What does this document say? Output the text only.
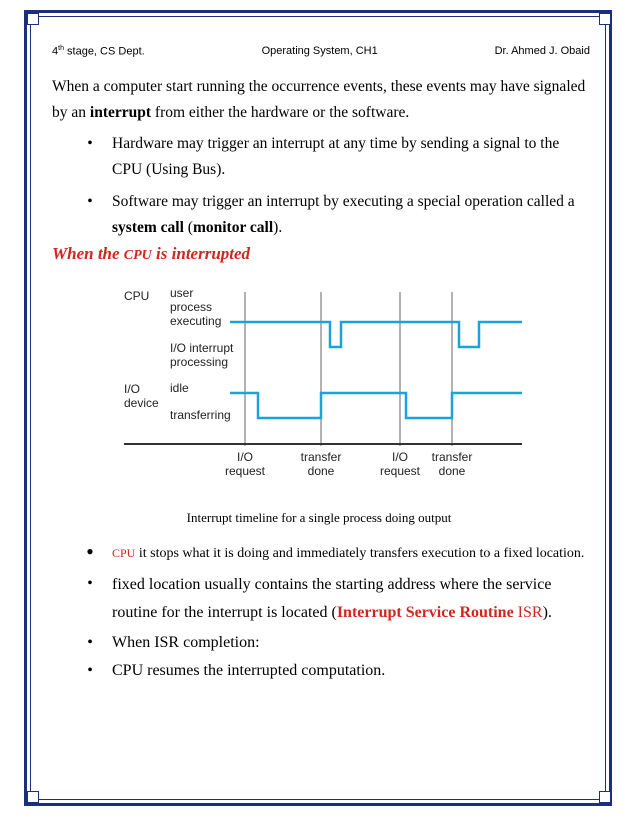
4th stage, CS Dept.	Operating System, CH1	Dr. Ahmed J. Obaid
When a computer start running the occurrence events, these events may have signaled by an interrupt from either the hardware or the software.
•	Hardware may trigger an interrupt at any time by sending a signal to the CPU (Using Bus).
•	Software may trigger an interrupt by executing a special operation called a system call (monitor call).
When the CPU is interrupted
CPU
I/O
device
user
process
executing
I/O interrupt
processing
idle
transferring
I/O
request
transfer
done
I/O
request
transfer
done
Interrupt timeline for a single process doing output
•	CPU it stops what it is doing and immediately transfers execution to a fixed location.
•	fixed location usually contains the starting address where the service routine for the interrupt is located (Interrupt Service Routine ISR).
•	When ISR completion:
•	CPU resumes the interrupted computation.
